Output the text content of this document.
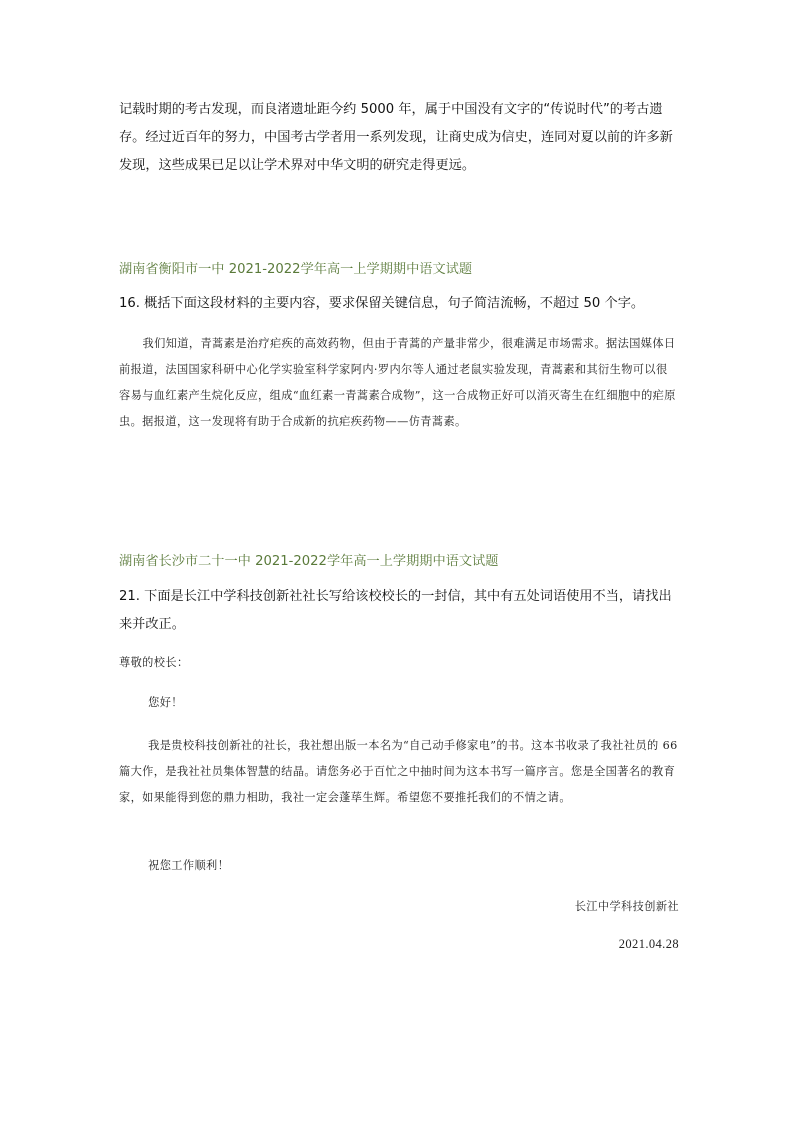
记载时期的考古发现，而良渚遗址距今约 5000 年，属于中国没有文字的“传说时代”的考古遗存。经过近百年的努力，中国考古学者用一系列发现，让商史成为信史，连同对夏以前的许多新发现，这些成果已足以让学术界对中华文明的研究走得更远。

湖南省衡阳市一中 2021-2022学年高一上学期期中语文试题
16. 概括下面这段材料的主要内容，要求保留关键信息，句子简洁流畅，不超过 50 个字。

我们知道，青蒿素是治疗疟疾的高效药物，但由于青蒿的产量非常少，很难满足市场需求。据法国媒体日前报道，法国国家科研中心化学实验室科学家阿内·罗内尔等人通过老鼠实验发现，青蒿素和其衍生物可以很容易与血红素产生烷化反应，组成“血红素一青蒿素合成物”，这一合成物正好可以消灭寄生在红细胞中的疟原虫。据报道，这一发现将有助于合成新的抗疟疾药物——仿青蒿素。

湖南省长沙市二十一中 2021-2022学年高一上学期期中语文试题
21. 下面是长江中学科技创新社社长写给该校校长的一封信，其中有五处词语使用不当，请找出来并改正。
尊敬的校长：
您好！
我是贵校科技创新社的社长，我社想出版一本名为“自己动手修家电”的书。这本书收录了我社社员的 66 篇大作，是我社社员集体智慧的结晶。请您务必于百忙之中抽时间为这本书写一篇序言。您是全国著名的教育家，如果能得到您的鼎力相助，我社一定会蓬荜生辉。希望您不要推托我们的不情之请。
祝您工作顺利！
长江中学科技创新社
2021.04.28
